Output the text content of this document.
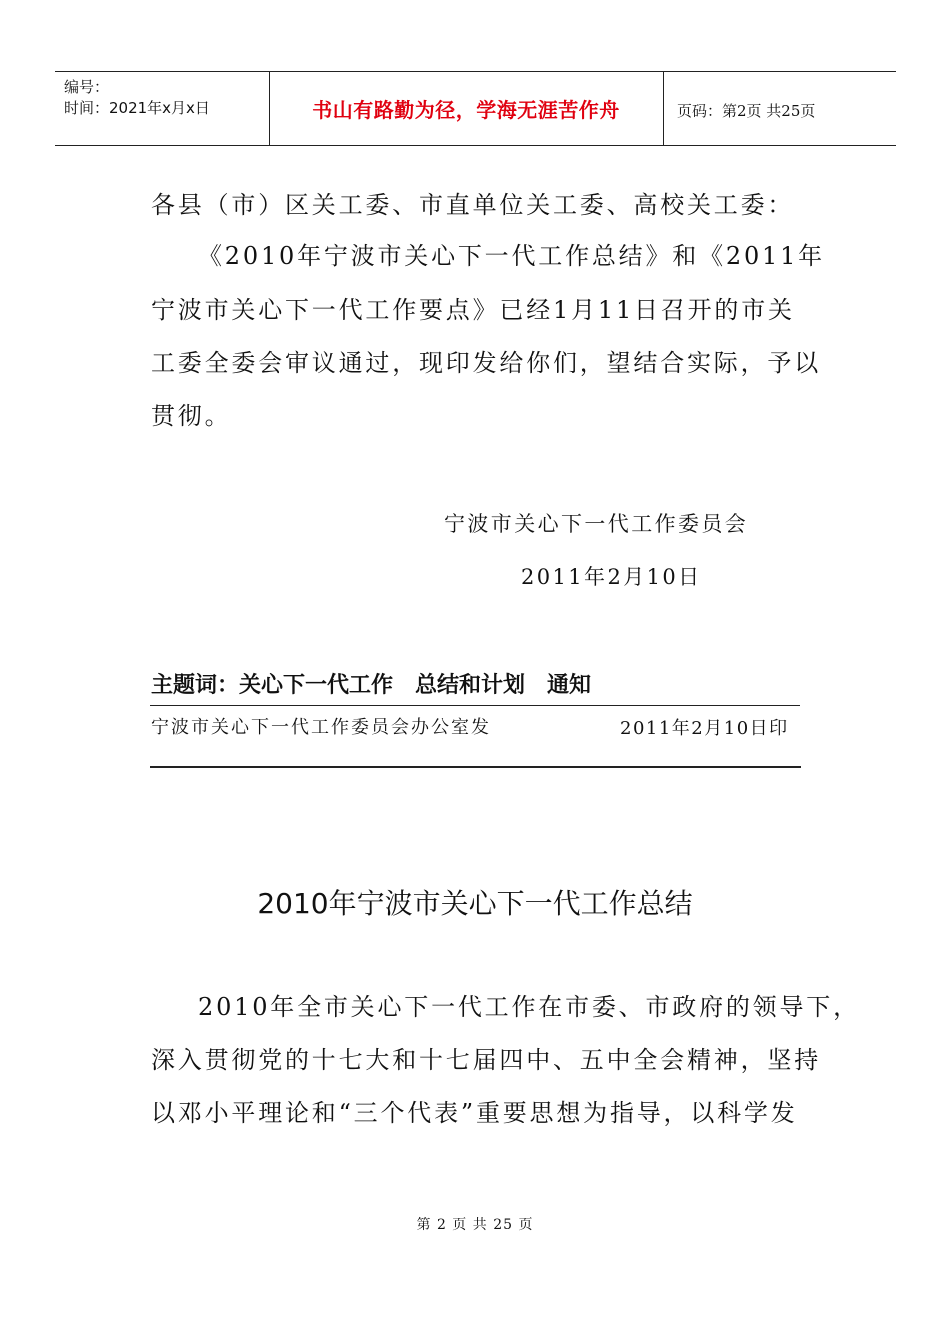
编号：
时间：2021年x月x日	书山有路勤为径，学海无涯苦作舟	页码：第2页 共25页
各县（市）区关工委、市直单位关工委、高校关工委：
《2010年宁波市关心下一代工作总结》和《2011年
宁波市关心下一代工作要点》已经1月11日召开的市关
工委全委会审议通过，现印发给你们，望结合实际，予以
贯彻。
宁波市关心下一代工作委员会
2011年2月10日
主题词：关心下一代工作 总结和计划 通知
宁波市关心下一代工作委员会办公室发	2011年2月10日印
2010年宁波市关心下一代工作总结
2010年全市关心下一代工作在市委、市政府的领导下，
深入贯彻党的十七大和十七届四中、五中全会精神，坚持
以邓小平理论和“三个代表”重要思想为指导，以科学发
第 2 页 共 25 页
